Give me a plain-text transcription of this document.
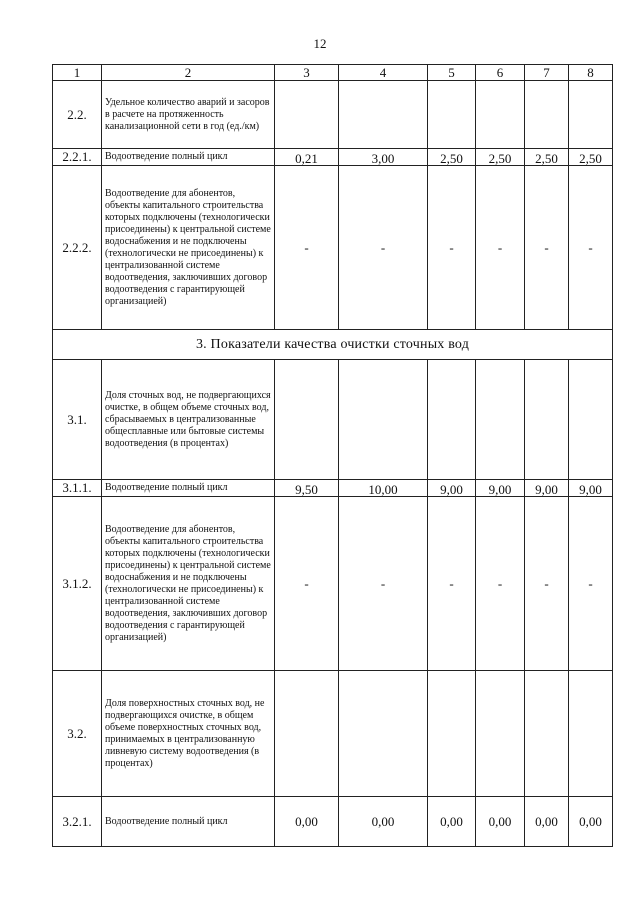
12
1	2	3	4	5	6	7	8
2.2.	Удельное количество аварий и засоров в расчете на протяженность канализационной сети в год (ед./км)						
2.2.1.	Водоотведение полный цикл	0,21	3,00	2,50	2,50	2,50	2,50
2.2.2.	Водоотведение для абонентов, объекты капитального строительства которых подключены (технологически присоединены) к центральной системе водоснабжения и не подключены (технологически не присоединены) к централизованной системе водоотведения, заключивших договор водоотведения с гарантирующей организацией)	-	-	-	-	-	-
3. Показатели качества очистки сточных вод							
3.1.	Доля сточных вод, не подвергающихся очистке, в общем объеме сточных вод, сбрасываемых в централизованные общесплавные или бытовые системы водоотведения (в процентах)						
3.1.1.	Водоотведение полный цикл	9,50	10,00	9,00	9,00	9,00	9,00
3.1.2.	Водоотведение для абонентов, объекты капитального строительства которых подключены (технологически присоединены) к центральной системе водоснабжения и не подключены (технологически не присоединены) к централизованной системе водоотведения, заключивших договор водоотведения с гарантирующей организацией)	-	-	-	-	-	-
3.2.	Доля поверхностных сточных вод, не подвергающихся очистке, в общем объеме поверхностных сточных вод, принимаемых в централизованную ливневую систему водоотведения (в процентах)						
3.2.1.	Водоотведение полный цикл	0,00	0,00	0,00	0,00	0,00	0,00
